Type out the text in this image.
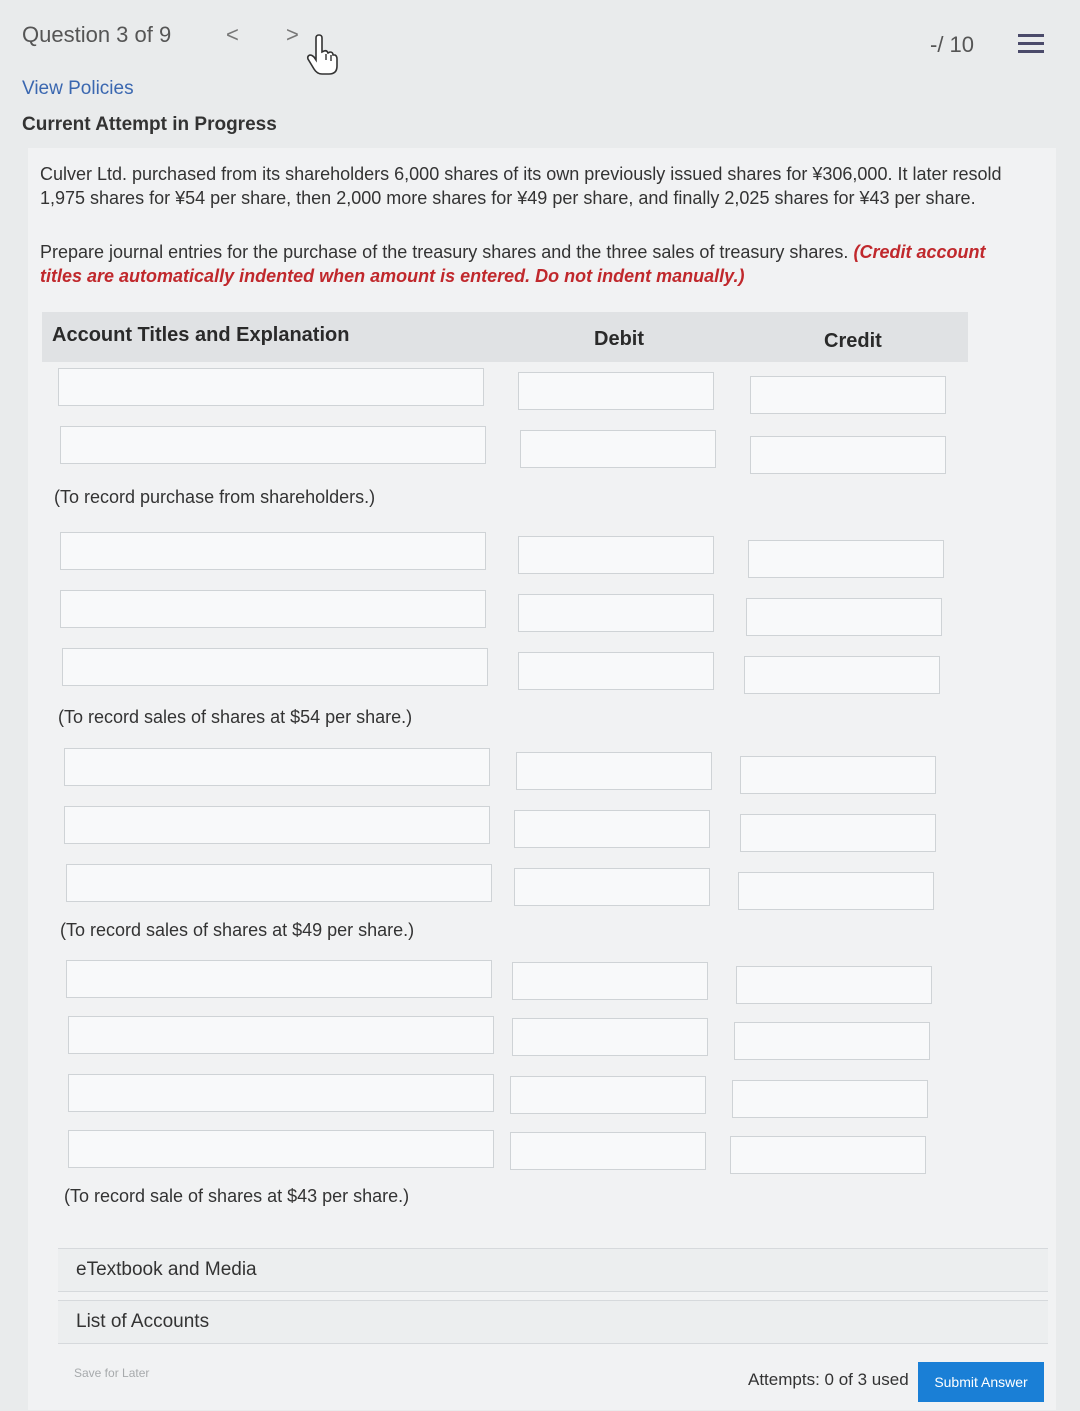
Question 3 of 9 < >	-/ 10
View Policies
Current Attempt in Progress

Culver Ltd. purchased from its shareholders 6,000 shares of its own previously issued shares for ¥306,000. It later resold 1,975 shares for ¥54 per share, then 2,000 more shares for ¥49 per share, and finally 2,025 shares for ¥43 per share.

Prepare journal entries for the purchase of the treasury shares and the three sales of treasury shares. (Credit account titles are automatically indented when amount is entered. Do not indent manually.)

Account Titles and Explanation	Debit	Credit
(To record purchase from shareholders.)
(To record sales of shares at $54 per share.)
(To record sales of shares at $49 per share.)
(To record sale of shares at $43 per share.)
eTextbook and Media
List of Accounts
Save for Later	Attempts: 0 of 3 used	Submit Answer
